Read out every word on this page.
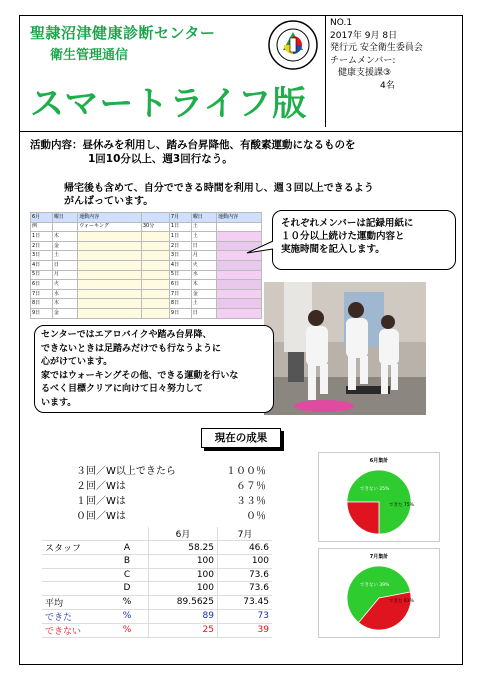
聖隷沼津健康診断センター
衛生管理通信
スマートライフ版
NO.1
2017年 9月 8日
発行元 安全衛生委員会
チームメンバー:
健康支援課③
4名
活動内容：昼休みを利用し、踏み台昇降他、有酸素運動になるものを
1回10分以上、週3回行なう。
帰宅後も含めて、自分でできる時間を利用し、週３回以上できるよう
がんばっています。
6月	曜日	運動内容		7月	曜日	運動内容
例		ウォーキング	30分	1日	土	
1日	木			1日	土	
2日	金			2日	日	
3日	土			3日	月	
4日	日			4日	火	
5日	月			5日	水	
6日	火			6日	木	
7日	水			7日	金	
8日	木			8日	土	
9日	金			9日	日	
それぞれメンバーは記録用紙に
１０分以上続けた運動内容と
実施時間を記入します。
センターではエアロバイクや踏み台昇降、
できないときは足踏みだけでも行なうように
心がけています。
家ではウォーキングその他、できる運動を行いな
るべく目標クリアに向けて日々努力して
います。
現在の成果
３回／W以上できたら	１００ ％
２回／Wは	６７ ％
１回／Wは	３３ ％
０回／Wは	０ ％
		6月	7月
スタッフ	A	58.25	46.6
	B	100	100
	C	100	73.6
	D	100	73.6
平均	%	89.5625	73.45
できた	%	89	73
できない	%	25	39
6月集計
できた 75%
できない 25%
7月集計
できた 61%
できない 39%
